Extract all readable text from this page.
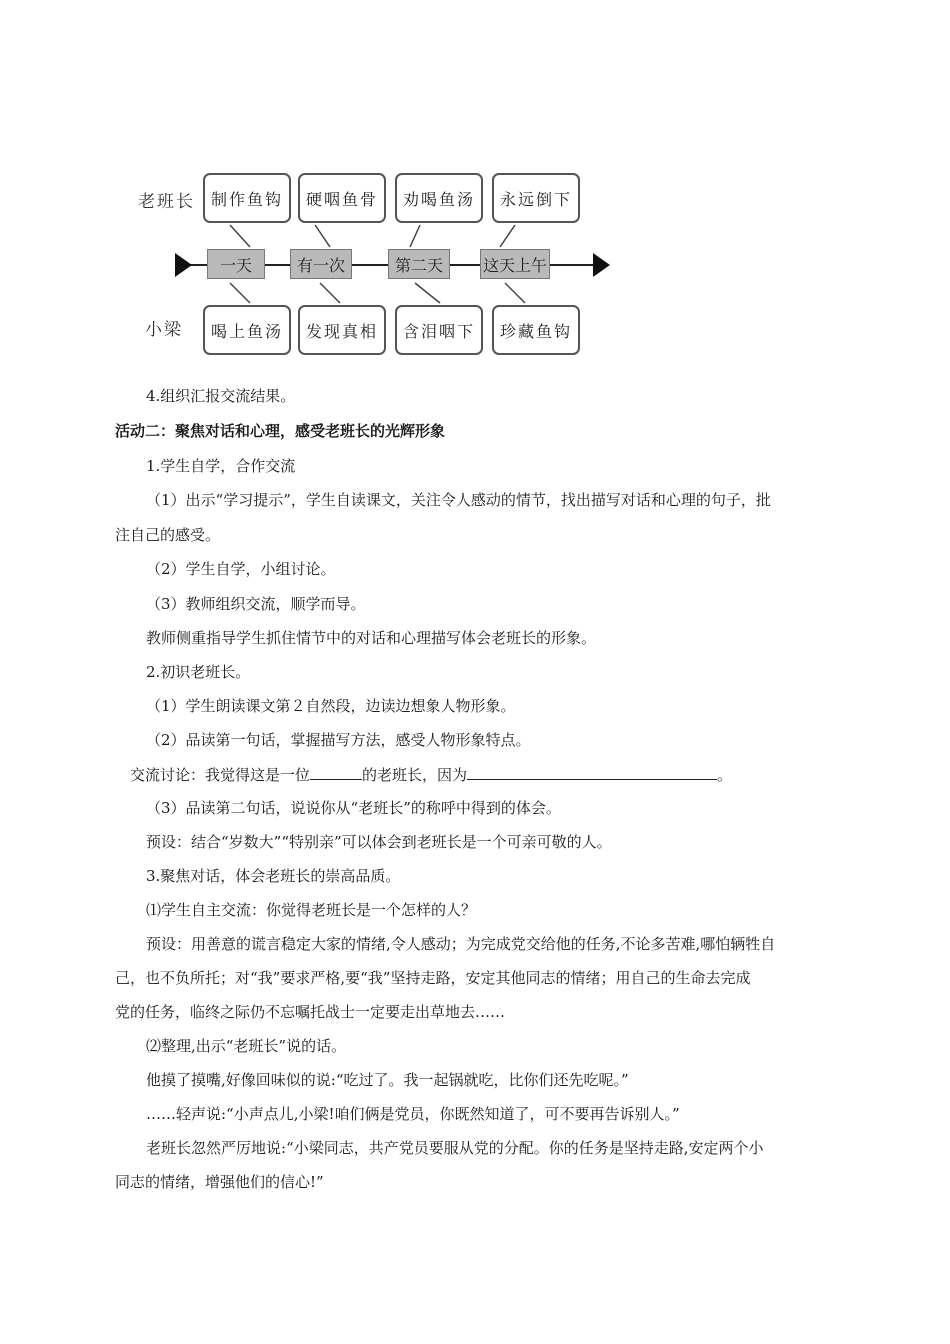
老班长
小梁
制作鱼钩	硬咽鱼骨	劝喝鱼汤	永远倒下
一天	有一次	第二天	这天上午
喝上鱼汤	发现真相	含泪咽下	珍藏鱼钩
4.组织汇报交流结果。
活动二：聚焦对话和心理，感受老班长的光辉形象
1.学生自学，合作交流
（1）出示“学习提示”，学生自读课文，关注令人感动的情节，找出描写对话和心理的句子，批
注自己的感受。
（2）学生自学，小组讨论。
（3）教师组织交流，顺学而导。
教师侧重指导学生抓住情节中的对话和心理描写体会老班长的形象。
2.初识老班长。
（1）学生朗读课文第２自然段，边读边想象人物形象。
（2）品读第一句话，掌握描写方法，感受人物形象特点。
交流讨论：我觉得这是一位	的老班长，因为	。
（3）品读第二句话，说说你从“老班长”的称呼中得到的体会。
预设：结合“岁数大”“特别亲”可以体会到老班长是一个可亲可敬的人。
3.聚焦对话，体会老班长的崇高品质。
⑴学生自主交流：你觉得老班长是一个怎样的人？
预设：用善意的谎言稳定大家的情绪,令人感动；为完成党交给他的任务,不论多苦难,哪怕辆牲自
己，也不负所托；对“我”要求严格,要“我”坚持走路，安定其他同志的情绪；用自己的生命去完成
党的任务，临终之际仍不忘嘱托战士一定要走出草地去……
⑵整理,出示“老班长”说的话。
他摸了摸嘴,好像回味似的说:“吃过了。我一起锅就吃，比你们还先吃呢。”
……轻声说:“小声点儿,小梁!咱们俩是党员，你既然知道了，可不要再告诉别人。”
老班长忽然严厉地说:“小梁同志，共产党员要服从党的分配。你的任务是坚持走路,安定两个小
同志的情绪，增强他们的信心!”
